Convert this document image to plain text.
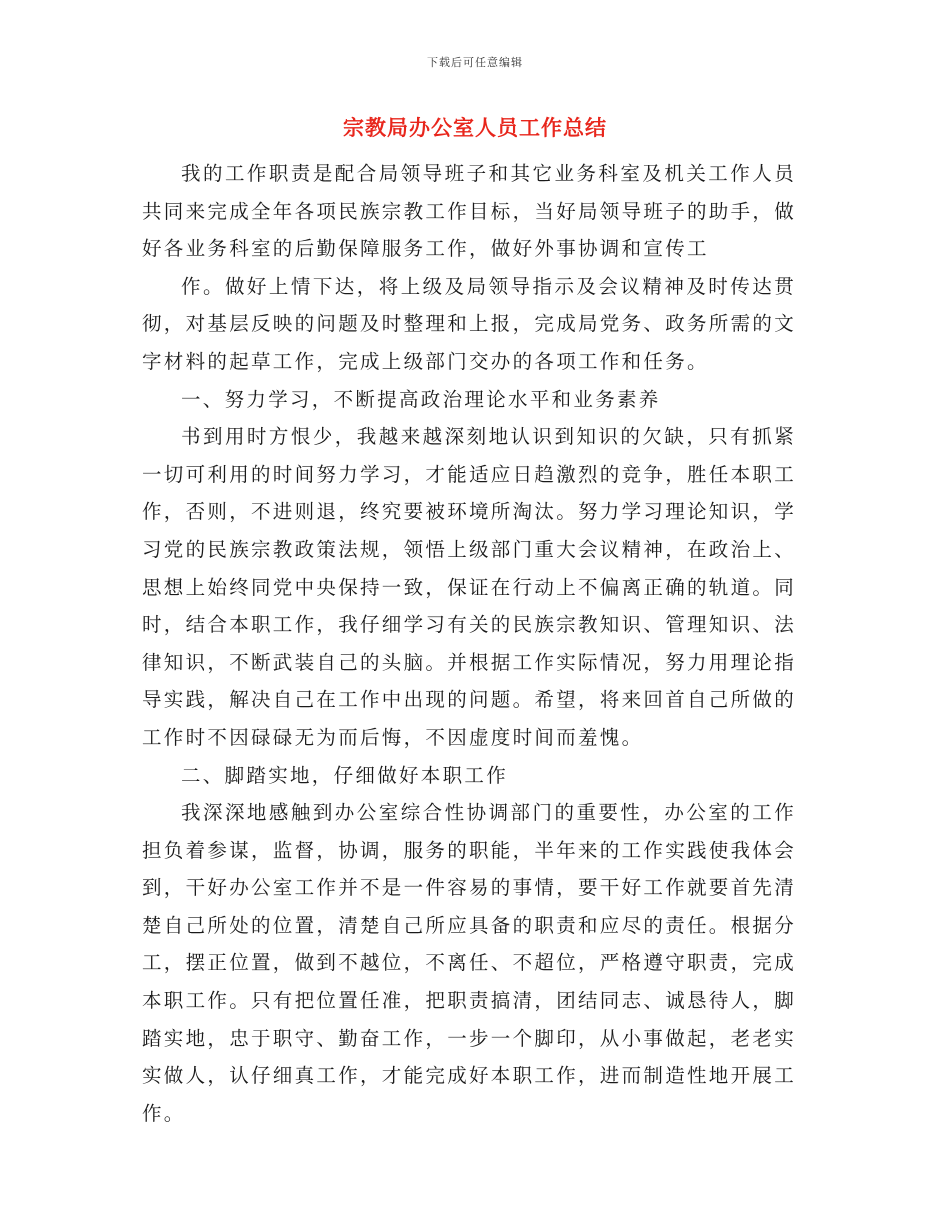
下载后可任意编辑
宗教局办公室人员工作总结

我的工作职责是配合局领导班子和其它业务科室及机关工作人员共同来完成全年各项民族宗教工作目标，当好局领导班子的助手，做好各业务科室的后勤保障服务工作，做好外事协调和宣传工

作。做好上情下达，将上级及局领导指示及会议精神及时传达贯彻，对基层反映的问题及时整理和上报，完成局党务、政务所需的文字材料的起草工作，完成上级部门交办的各项工作和任务。

一、努力学习，不断提高政治理论水平和业务素养

书到用时方恨少，我越来越深刻地认识到知识的欠缺，只有抓紧一切可利用的时间努力学习，才能适应日趋激烈的竞争，胜任本职工作，否则，不进则退，终究要被环境所淘汰。努力学习理论知识，学习党的民族宗教政策法规，领悟上级部门重大会议精神，在政治上、思想上始终同党中央保持一致，保证在行动上不偏离正确的轨道。同时，结合本职工作，我仔细学习有关的民族宗教知识、管理知识、法律知识，不断武装自己的头脑。并根据工作实际情况，努力用理论指导实践，解决自己在工作中出现的问题。希望，将来回首自己所做的工作时不因碌碌无为而后悔，不因虚度时间而羞愧。

二、脚踏实地，仔细做好本职工作

我深深地感触到办公室综合性协调部门的重要性，办公室的工作担负着参谋，监督，协调，服务的职能，半年来的工作实践使我体会到，干好办公室工作并不是一件容易的事情，要干好工作就要首先清楚自己所处的位置，清楚自己所应具备的职责和应尽的责任。根据分工，摆正位置，做到不越位，不离任、不超位，严格遵守职责，完成本职工作。只有把位置任准，把职责搞清，团结同志、诚恳待人，脚踏实地，忠于职守、勤奋工作，一步一个脚印，从小事做起，老老实实做人，认仔细真工作，才能完成好本职工作，进而制造性地开展工作。
